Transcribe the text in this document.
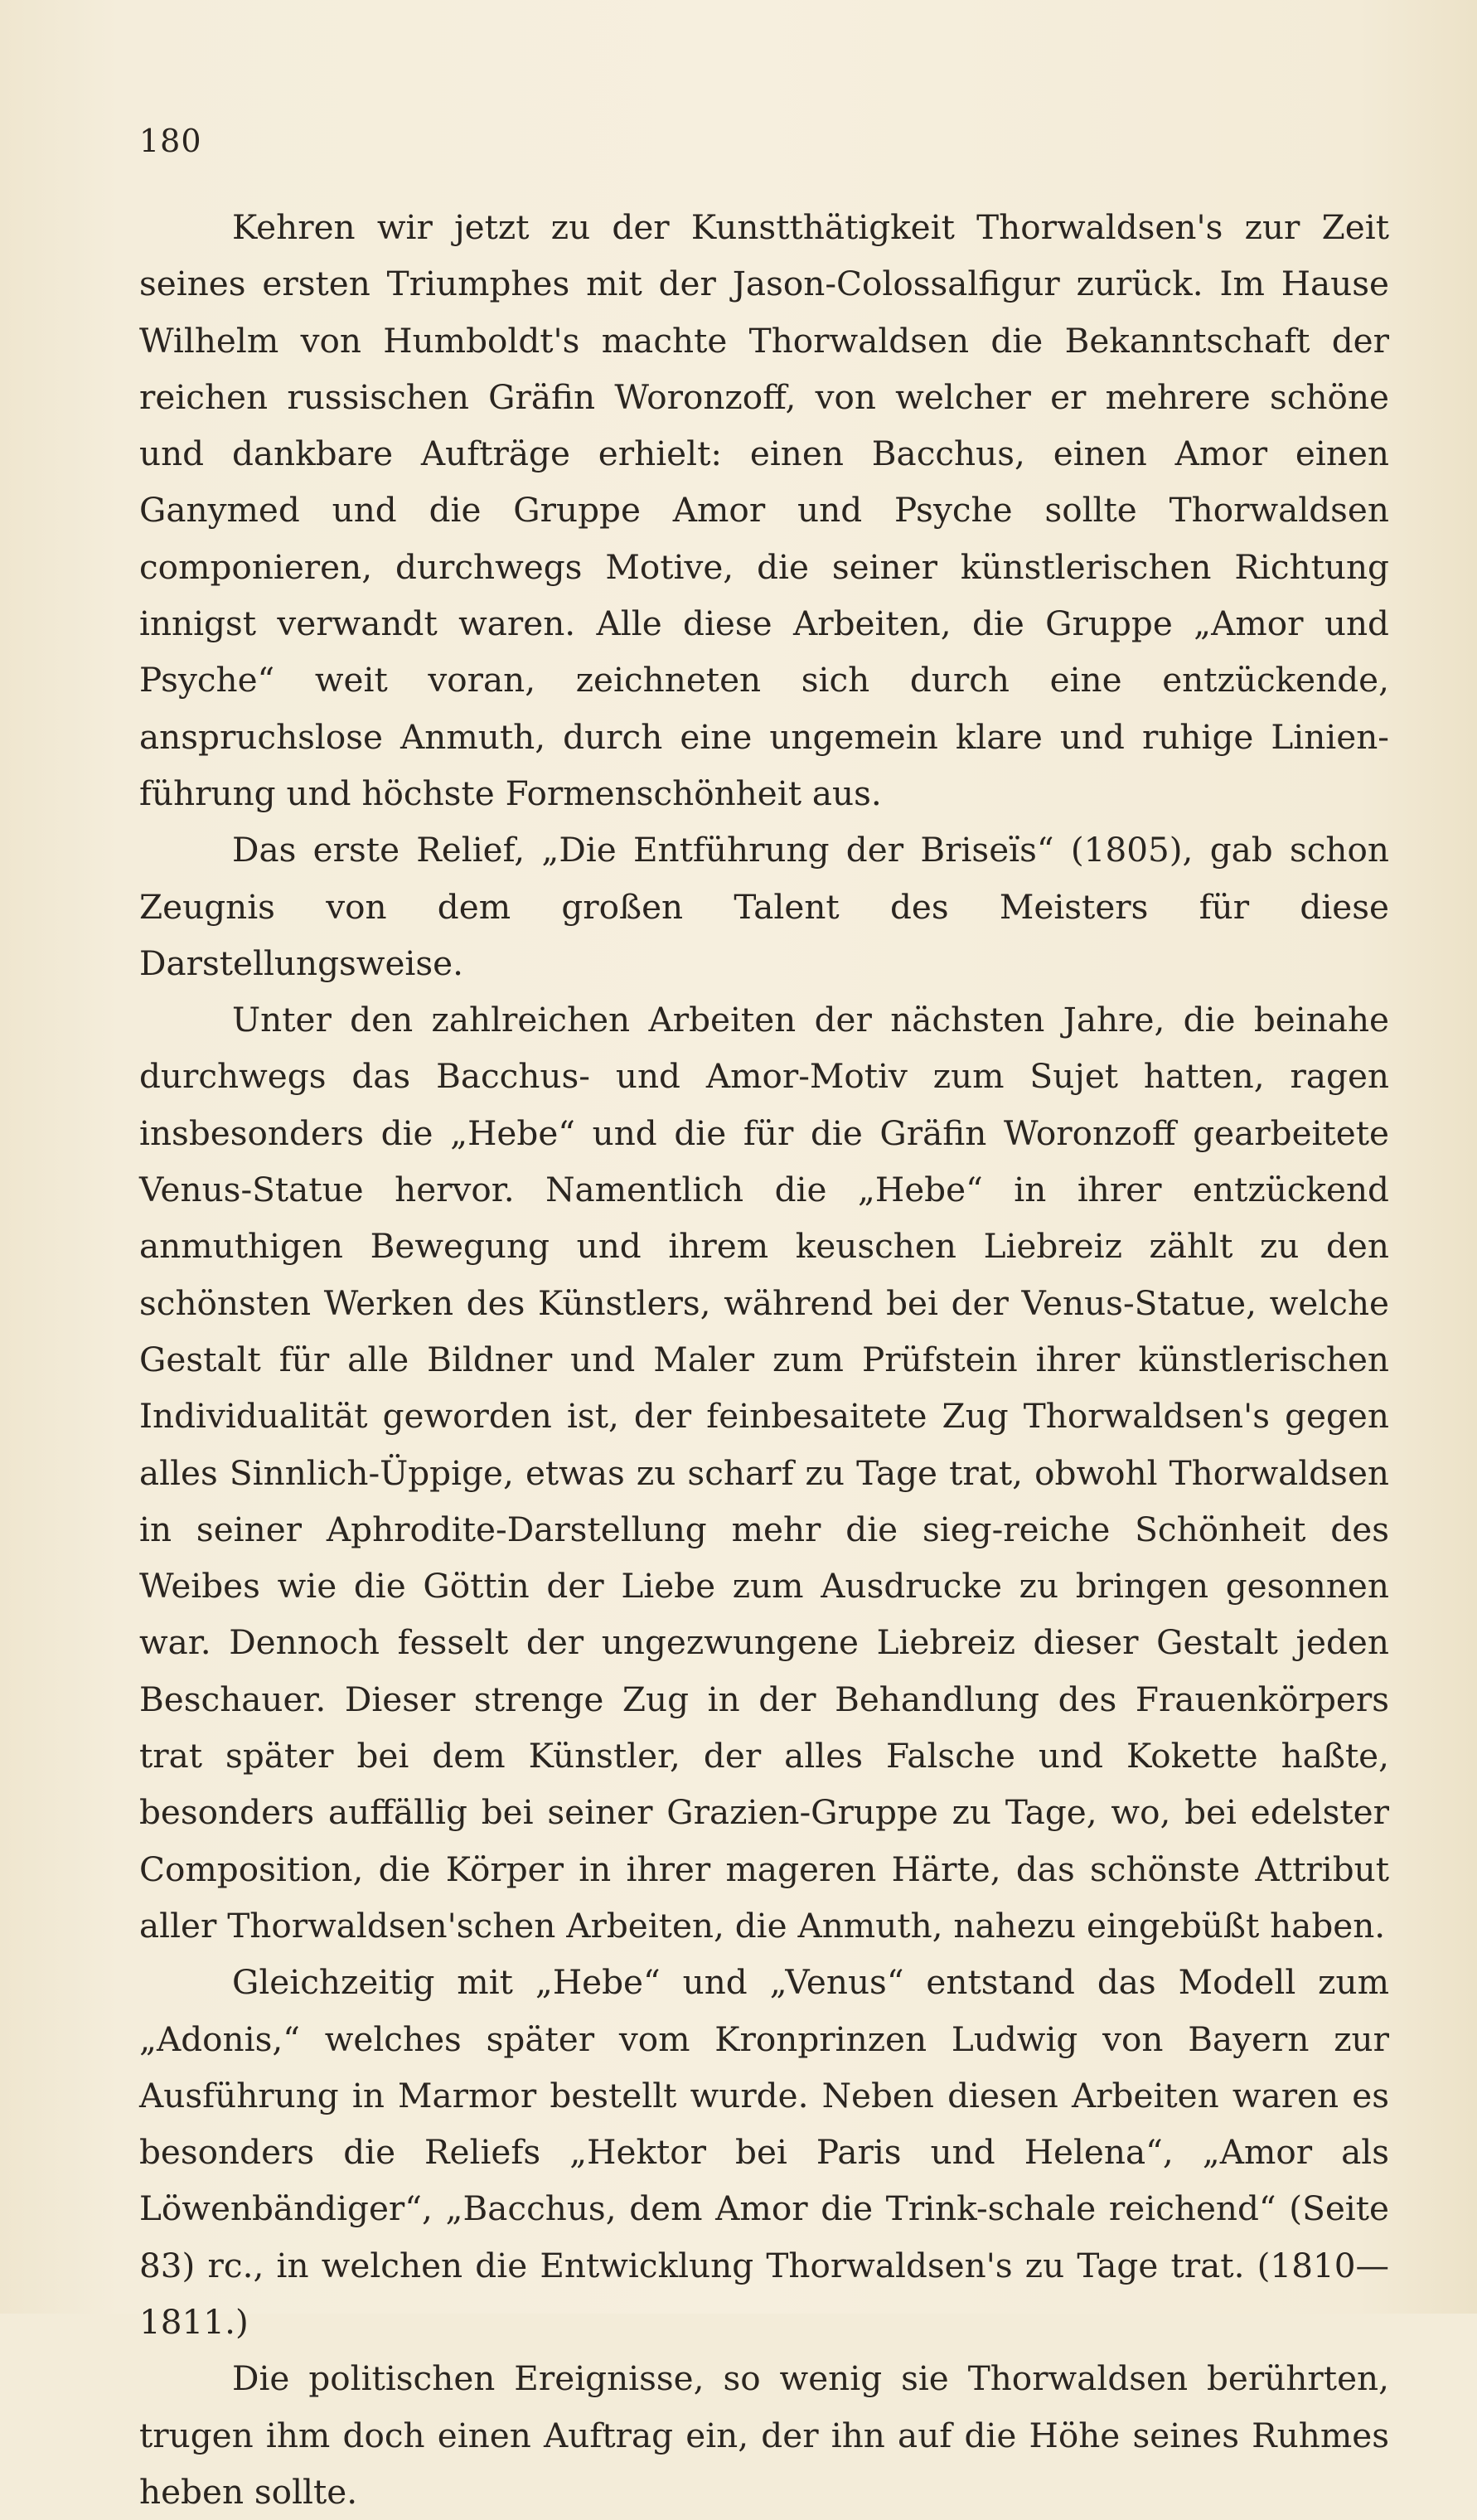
180

Kehren wir jetzt zu der Kunstthätigkeit Thorwaldsen's zur Zeit seines ersten Triumphes mit der Jason-Colossalfigur zurück. Im Hause Wilhelm von Humboldt's machte Thorwaldsen die Bekanntschaft der reichen russischen Gräfin Woronzoff, von welcher er mehrere schöne und dankbare Aufträge erhielt: einen Bacchus, einen Amor einen Ganymed und die Gruppe Amor und Psyche sollte Thorwaldsen componieren, durchwegs Motive, die seiner künstlerischen Richtung innigst verwandt waren. Alle diese Arbeiten, die Gruppe „Amor und Psyche“ weit voran, zeichneten sich durch eine entzückende, anspruchslose Anmuth, durch eine ungemein klare und ruhige Linien-führung und höchste Formenschönheit aus.

Das erste Relief, „Die Entführung der Briseïs“ (1805), gab schon Zeugnis von dem großen Talent des Meisters für diese Darstellungsweise.

Unter den zahlreichen Arbeiten der nächsten Jahre, die beinahe durchwegs das Bacchus- und Amor-Motiv zum Sujet hatten, ragen insbesonders die „Hebe“ und die für die Gräfin Woronzoff gearbeitete Venus-Statue hervor. Namentlich die „Hebe“ in ihrer entzückend anmuthigen Bewegung und ihrem keuschen Liebreiz zählt zu den schönsten Werken des Künstlers, während bei der Venus-Statue, welche Gestalt für alle Bildner und Maler zum Prüfstein ihrer künstlerischen Individualität geworden ist, der feinbesaitete Zug Thorwaldsen's gegen alles Sinnlich-Üppige, etwas zu scharf zu Tage trat, obwohl Thorwaldsen in seiner Aphrodite-Darstellung mehr die sieg-reiche Schönheit des Weibes wie die Göttin der Liebe zum Ausdrucke zu bringen gesonnen war. Dennoch fesselt der ungezwungene Liebreiz dieser Gestalt jeden Beschauer. Dieser strenge Zug in der Behandlung des Frauenkörpers trat später bei dem Künstler, der alles Falsche und Kokette haßte, besonders auffällig bei seiner Grazien-Gruppe zu Tage, wo, bei edelster Composition, die Körper in ihrer mageren Härte, das schönste Attribut aller Thorwaldsen'schen Arbeiten, die Anmuth, nahezu eingebüßt haben.

Gleichzeitig mit „Hebe“ und „Venus“ entstand das Modell zum „Adonis,“ welches später vom Kronprinzen Ludwig von Bayern zur Ausführung in Marmor bestellt wurde. Neben diesen Arbeiten waren es besonders die Reliefs „Hektor bei Paris und Helena“, „Amor als Löwenbändiger“, „Bacchus, dem Amor die Trink-schale reichend“ (Seite 83) rc., in welchen die Entwicklung Thorwaldsen's zu Tage trat. (1810—1811.)

Die politischen Ereignisse, so wenig sie Thorwaldsen berührten, trugen ihm doch einen Auftrag ein, der ihn auf die Höhe seines Ruhmes heben sollte.
